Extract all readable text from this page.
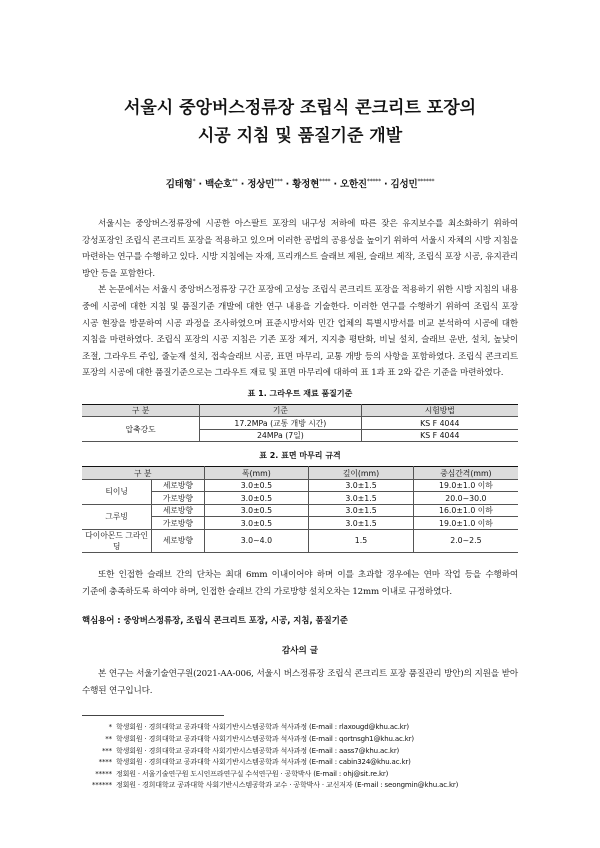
서울시 중앙버스정류장 조립식 콘크리트 포장의
시공 지침 및 품질기준 개발
김태형* · 백순호** · 정상민*** · 황정현**** · 오한진***** · 김성민******

서울시는 중앙버스정류장에 시공한 아스팔트 포장의 내구성 저하에 따른 잦은 유지보수를 최소화하기 위하여 강성포장인 조립식 콘크리트 포장을 적용하고 있으며 이러한 공법의 공용성을 높이기 위하여 서울시 자체의 시방 지침을 마련하는 연구를 수행하고 있다. 시방 지침에는 자재, 프리캐스트 슬래브 제원, 슬래브 제작, 조립식 포장 시공, 유지관리 방안 등을 포함한다.

본 논문에서는 서울시 중앙버스정류장 구간 포장에 고성능 조립식 콘크리트 포장을 적용하기 위한 시방 지침의 내용 중에 시공에 대한 지침 및 품질기준 개발에 대한 연구 내용을 기술한다. 이러한 연구를 수행하기 위하여 조립식 포장 시공 현장을 방문하여 시공 과정을 조사하였으며 표준시방서와 민간 업체의 특별시방서를 비교 분석하여 시공에 대한 지침을 마련하였다. 조립식 포장의 시공 지침은 기존 포장 제거, 지지층 평탄화, 비닐 설치, 슬래브 운반, 설치, 높낮이 조절, 그라우트 주입, 줄눈재 설치, 접속슬래브 시공, 표면 마무리, 교통 개방 등의 사항을 포함하였다. 조립식 콘크리트 포장의 시공에 대한 품질기준으로는 그라우트 재료 및 표면 마무리에 대하여 표 1과 표 2와 같은 기준을 마련하였다.

표 1. 그라우트 재료 품질기준
구 분	기준	시험방법
압축강도	17.2MPa (교통 개방 시간)	KS F 4044
	24MPa (7일)	KS F 4044
표 2. 표면 마무리 규격
구 분		폭(mm)	깊이(mm)	중심간격(mm)
티이닝	세로방향	3.0±0.5	3.0±1.5	19.0±1.0 이하
	가로방향	3.0±0.5	3.0±1.5	20.0~30.0
그루빙	세로방향	3.0±0.5	3.0±1.5	16.0±1.0 이하
	가로방향	3.0±0.5	3.0±1.5	19.0±1.0 이하
다이아몬드 그라인딩	세로방향	3.0~4.0	1.5	2.0~2.5

또한 인접한 슬래브 간의 단차는 최대 6mm 이내이어야 하며 이를 초과할 경우에는 연마 작업 등을 수행하여 기준에 충족하도록 하여야 하며, 인접한 슬래브 간의 가로방향 설치오차는 12mm 이내로 규정하였다.

핵심용어 : 중앙버스정류장, 조립식 콘크리트 포장, 시공, 지침, 품질기준
감사의 글

본 연구는 서울기술연구원(2021-AA-006, 서울시 버스정류장 조립식 콘크리트 포장 품질관리 방안)의 지원을 받아 수행된 연구입니다.

* 학생회원 · 경희대학교 공과대학 사회기반시스템공학과 석사과정 (E-mail : rlaxougd@khu.ac.kr)
** 학생회원 · 경희대학교 공과대학 사회기반시스템공학과 석사과정 (E-mail : qortnsgh1@khu.ac.kr)
*** 학생회원 · 경희대학교 공과대학 사회기반시스템공학과 석사과정 (E-mail : aass7@khu.ac.kr)
**** 학생회원 · 경희대학교 공과대학 사회기반시스템공학과 석사과정 (E-mail : cabin324@khu.ac.kr)
***** 정회원 · 서울기술연구원 도시인프라연구실 수석연구원 · 공학박사 (E-mail : ohj@sit.re.kr)
****** 정회원 · 경희대학교 공과대학 사회기반시스템공학과 교수 · 공학박사 · 교신저자 (E-mail : seongmin@khu.ac.kr)
